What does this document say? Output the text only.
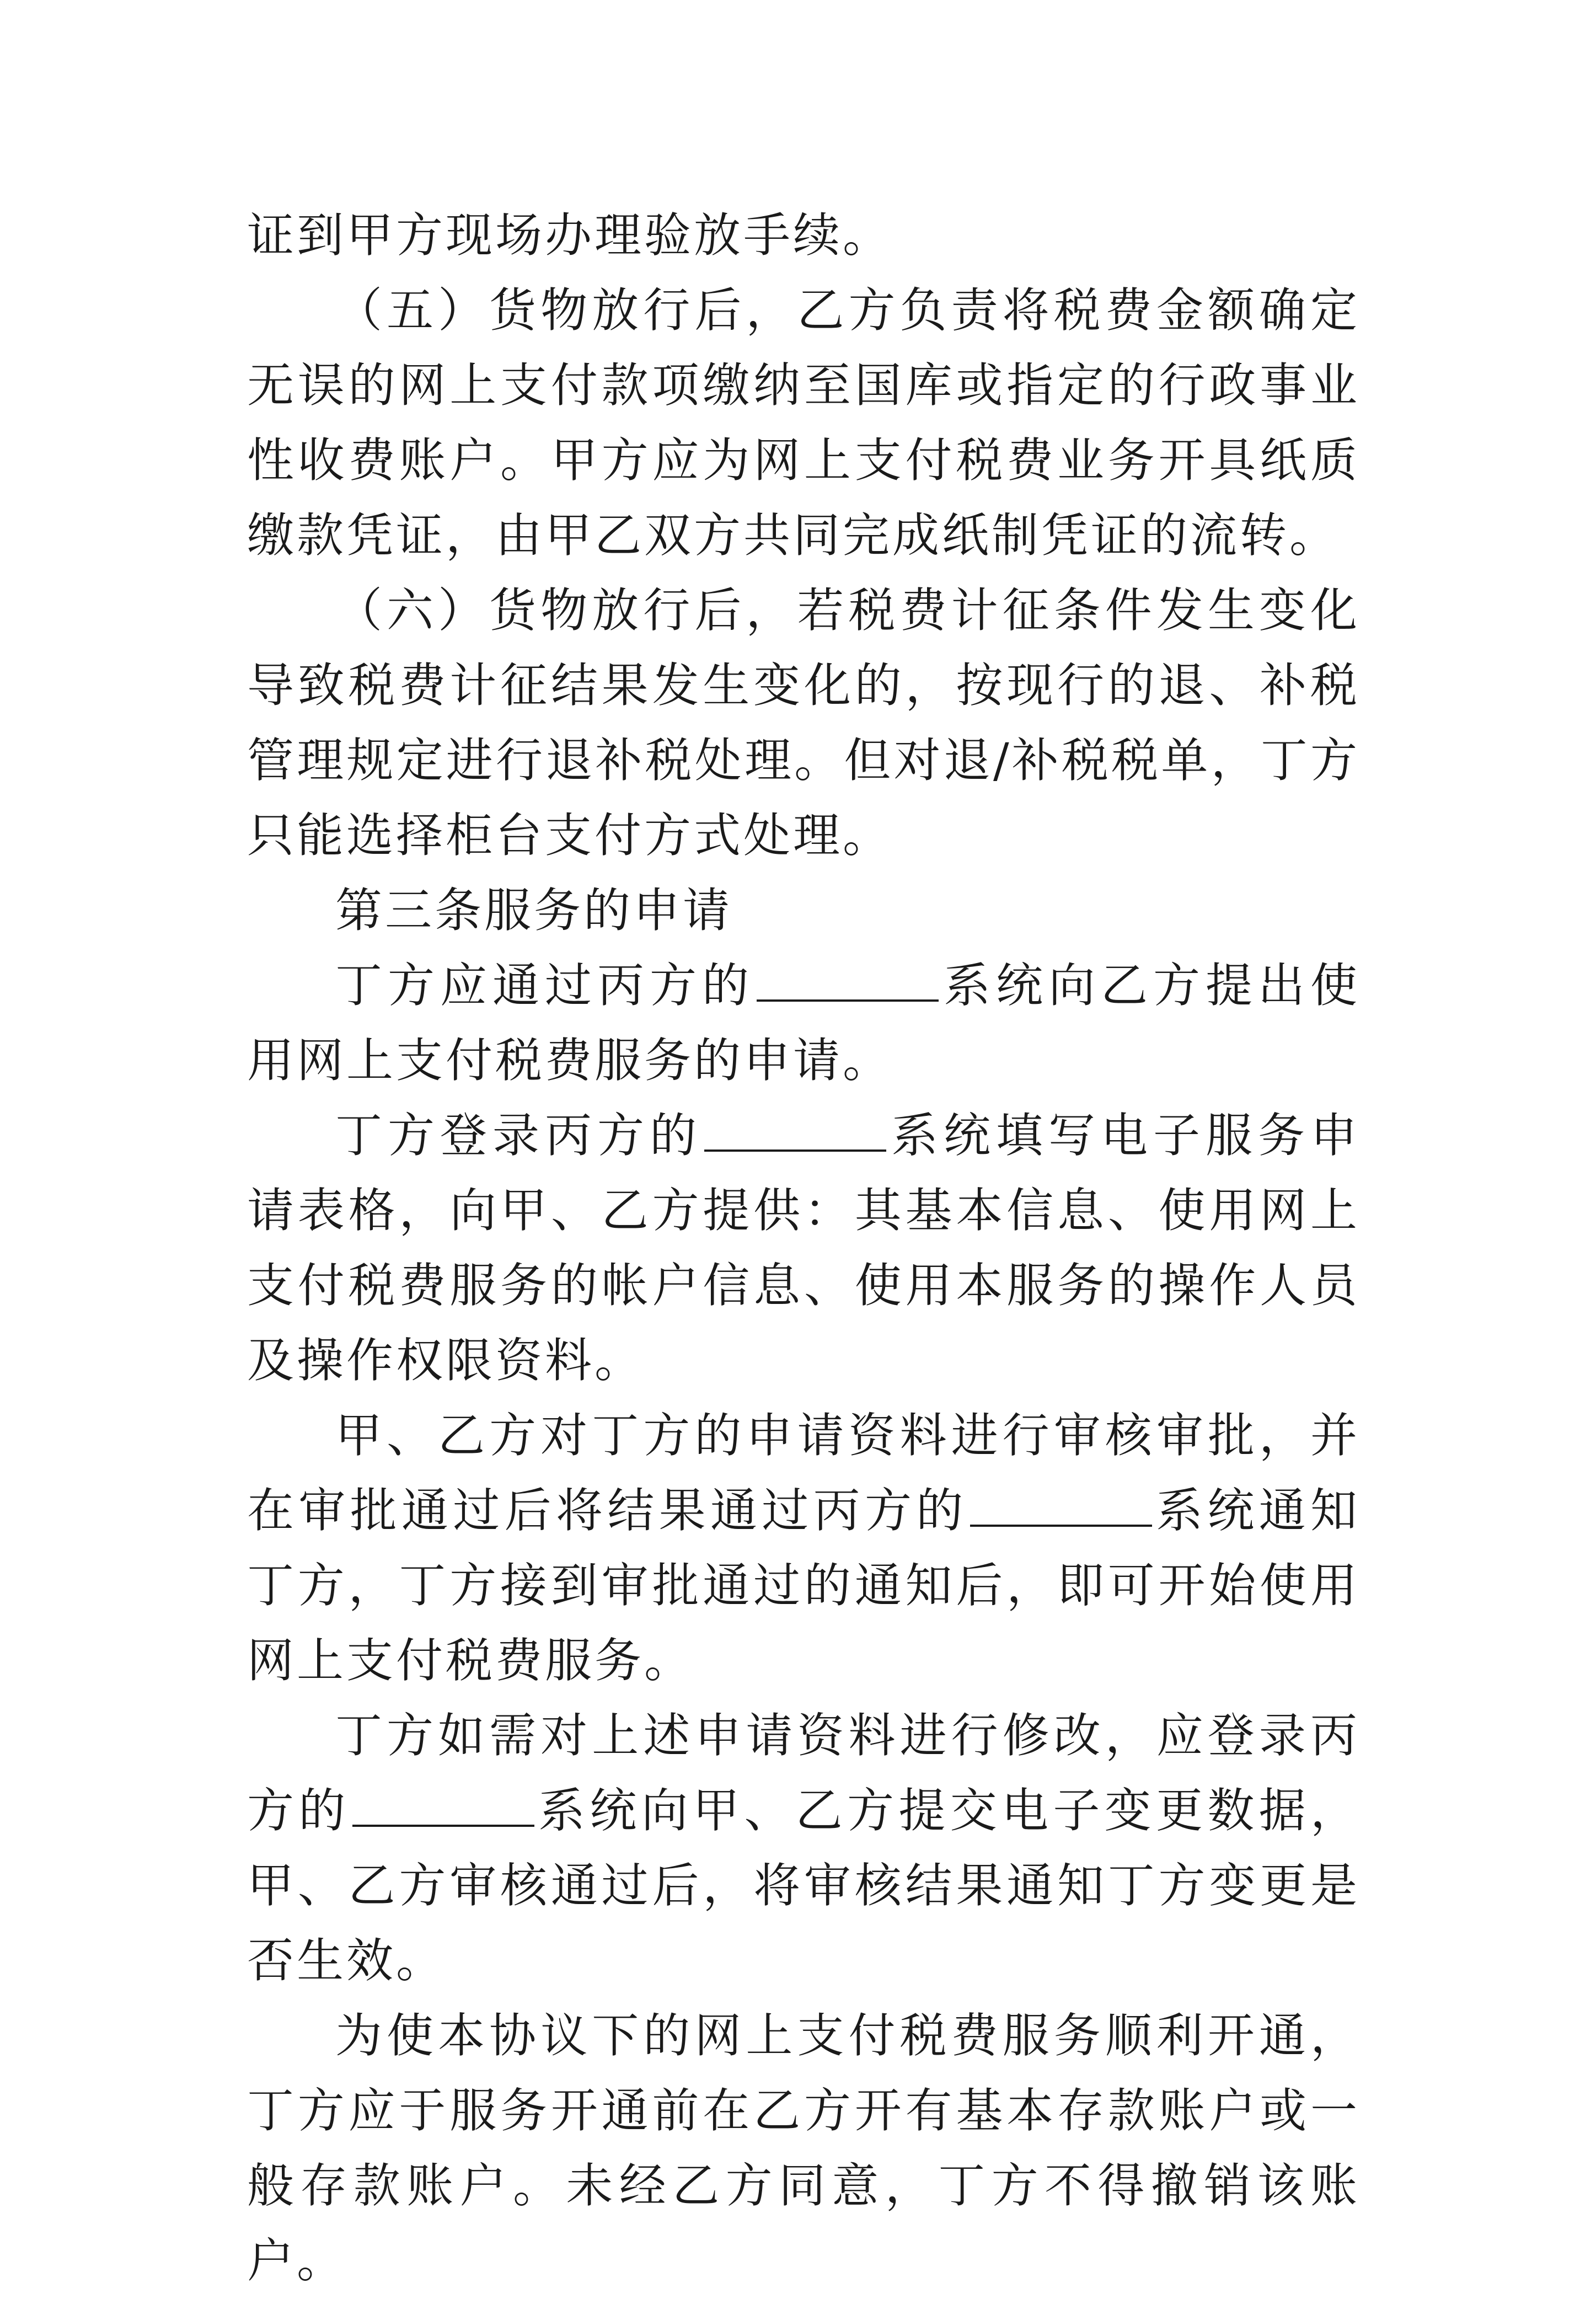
证到甲方现场办理验放手续。

（五）货物放行后，乙方负责将税费金额确定无误的网上支付款项缴纳至国库或指定的行政事业性收费账户。甲方应为网上支付税费业务开具纸质缴款凭证，由甲乙双方共同完成纸制凭证的流转。

（六）货物放行后，若税费计征条件发生变化导致税费计征结果发生变化的，按现行的退、补税管理规定进行退补税处理。但对退/补税税单，丁方只能选择柜台支付方式处理。

第三条服务的申请

丁方应通过丙方的	系统向乙方提出使用网上支付税费服务的申请。

丁方登录丙方的	系统填写电子服务申请表格，向甲、乙方提供：其基本信息、使用网上支付税费服务的帐户信息、使用本服务的操作人员及操作权限资料。

甲、乙方对丁方的申请资料进行审核审批，并在审批通过后将结果通过丙方的	系统通知丁方，丁方接到审批通过的通知后，即可开始使用网上支付税费服务。

丁方如需对上述申请资料进行修改，应登录丙方的	系统向甲、乙方提交电子变更数据，甲、乙方审核通过后，将审核结果通知丁方变更是否生效。

为使本协议下的网上支付税费服务顺利开通，丁方应于服务开通前在乙方开有基本存款账户或一般存款账户。未经乙方同意，丁方不得撤销该账户。
